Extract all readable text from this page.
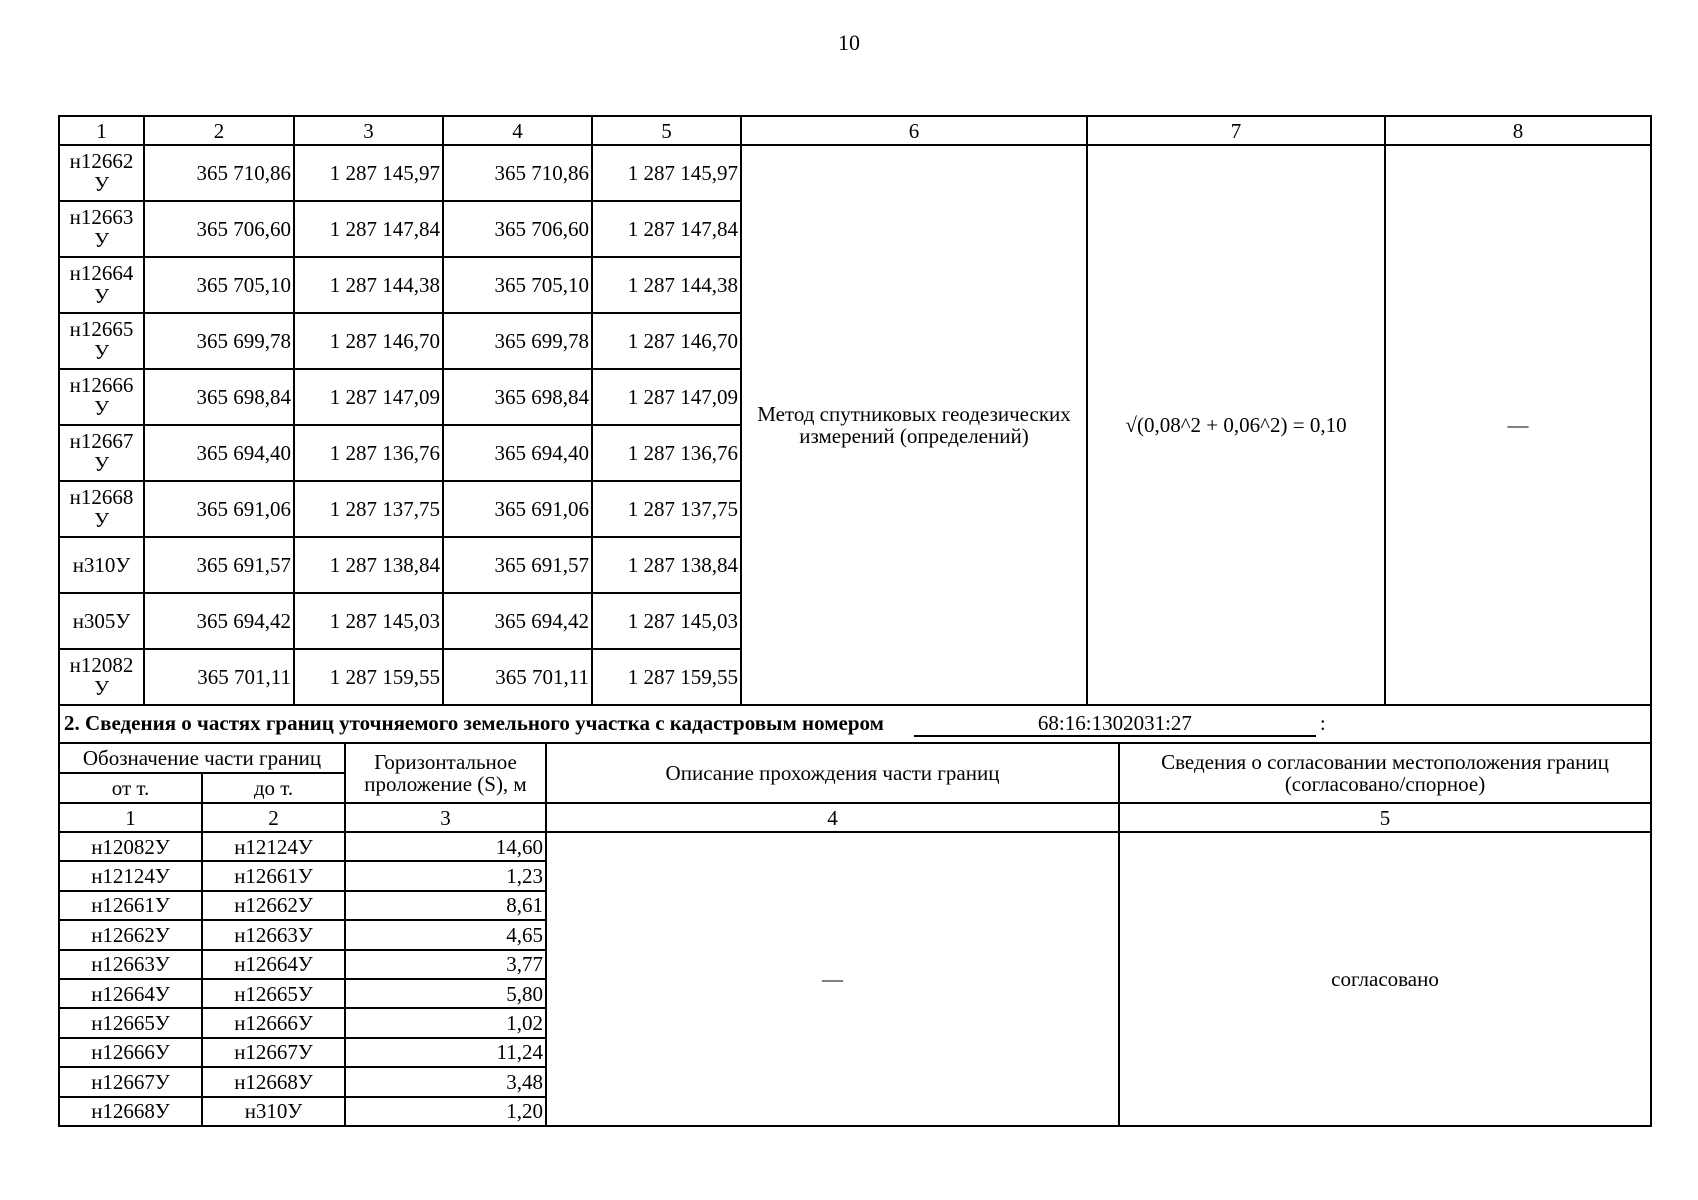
10
1	2	3	4	5	6	7	8
н12662 У	365 710,86	1 287 145,97	365 710,86	1 287 145,97	Метод спутниковых геодезических измерений (определений)	√(0,08^2 + 0,06^2) = 0,10	—
н12663 У	365 706,60	1 287 147,84	365 706,60	1 287 147,84			
н12664 У	365 705,10	1 287 144,38	365 705,10	1 287 144,38			
н12665 У	365 699,78	1 287 146,70	365 699,78	1 287 146,70			
н12666 У	365 698,84	1 287 147,09	365 698,84	1 287 147,09			
н12667 У	365 694,40	1 287 136,76	365 694,40	1 287 136,76			
н12668 У	365 691,06	1 287 137,75	365 691,06	1 287 137,75			
н310У	365 691,57	1 287 138,84	365 691,57	1 287 138,84			
н305У	365 694,42	1 287 145,03	365 694,42	1 287 145,03			
н12082 У	365 701,11	1 287 159,55	365 701,11	1 287 159,55			
2. Сведения о частях границ уточняемого земельного участка с кадастровым номером 68:16:1302031:27 :				
Обозначение части границ		Горизонтальное проложение (S), м	Описание прохождения части границ	Сведения о согласовании местоположения границ (согласовано/спорное)
от т.	до т.			
1	2	3	4	5
н12082У	н12124У	14,60	—	согласовано
н12124У	н12661У	1,23		
н12661У	н12662У	8,61		
н12662У	н12663У	4,65		
н12663У	н12664У	3,77		
н12664У	н12665У	5,80		
н12665У	н12666У	1,02		
н12666У	н12667У	11,24		
н12667У	н12668У	3,48		
н12668У	н310У	1,20		
